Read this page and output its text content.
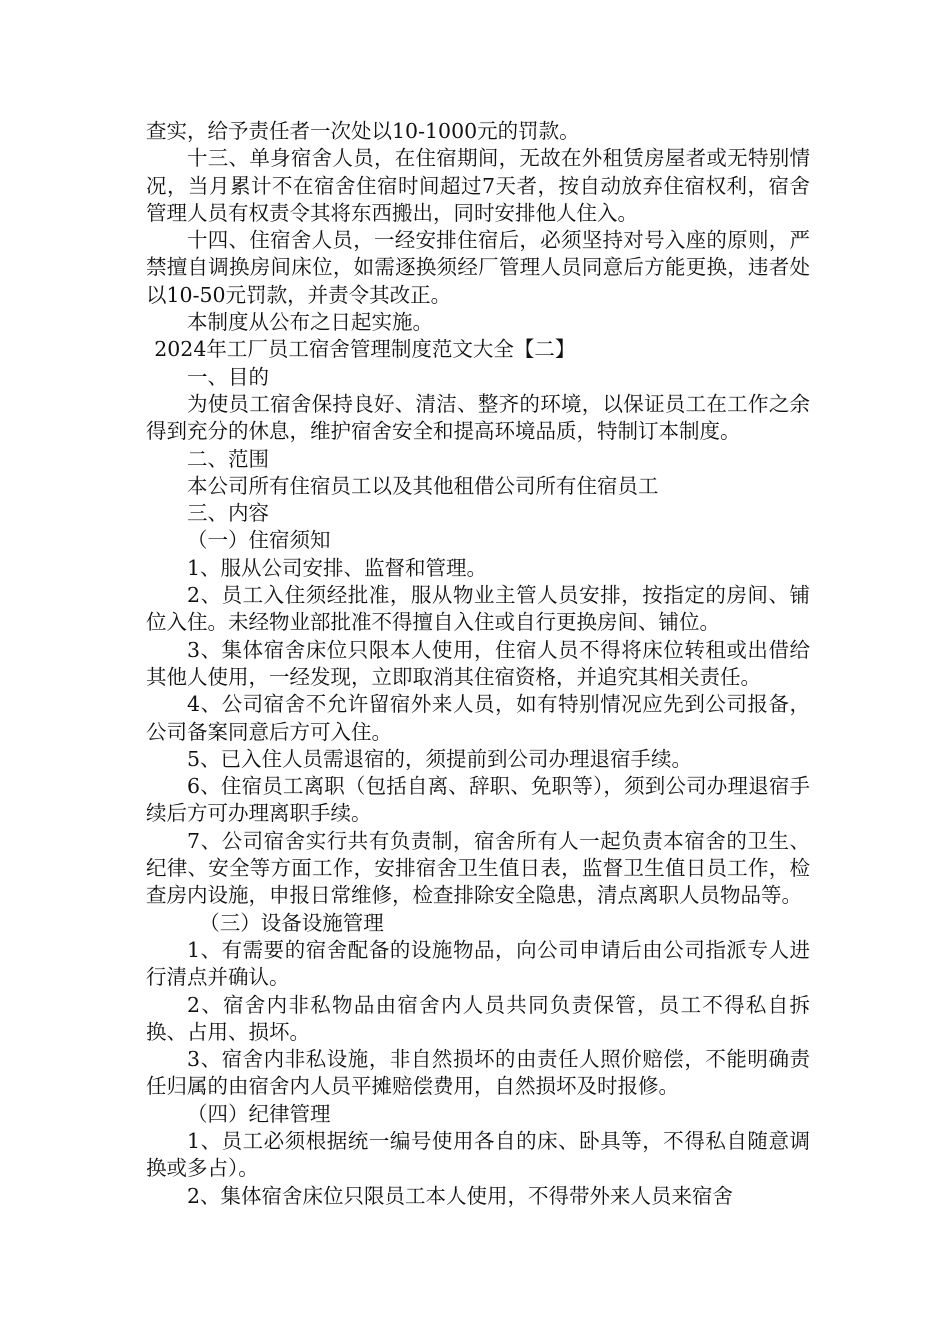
查实，给予责任者一次处以10-1000元的罚款。

十三、单身宿舍人员，在住宿期间，无故在外租赁房屋者或无特别情况，当月累计不在宿舍住宿时间超过7天者，按自动放弃住宿权利，宿舍管理人员有权责令其将东西搬出，同时安排他人住入。

十四、住宿舍人员，一经安排住宿后，必须坚持对号入座的原则，严禁擅自调换房间床位，如需逐换须经厂管理人员同意后方能更换，违者处以10-50元罚款，并责令其改正。

本制度从公布之日起实施。

2024年工厂员工宿舍管理制度范文大全【二】

一、目的

为使员工宿舍保持良好、清洁、整齐的环境，以保证员工在工作之余得到充分的休息，维护宿舍安全和提高环境品质，特制订本制度。

二、范围

本公司所有住宿员工以及其他租借公司所有住宿员工

三、内容

（一）住宿须知

1、服从公司安排、监督和管理。

2、员工入住须经批准，服从物业主管人员安排，按指定的房间、铺位入住。未经物业部批准不得擅自入住或自行更换房间、铺位。

3、集体宿舍床位只限本人使用，住宿人员不得将床位转租或出借给其他人使用，一经发现，立即取消其住宿资格，并追究其相关责任。

4、公司宿舍不允许留宿外来人员，如有特别情况应先到公司报备，公司备案同意后方可入住。

5、已入住人员需退宿的，须提前到公司办理退宿手续。

6、住宿员工离职（包括自离、辞职、免职等），须到公司办理退宿手续后方可办理离职手续。

7、公司宿舍实行共有负责制，宿舍所有人一起负责本宿舍的卫生、纪律、安全等方面工作，安排宿舍卫生值日表，监督卫生值日员工作，检查房内设施，申报日常维修，检查排除安全隐患，清点离职人员物品等。

（三）设备设施管理

1、有需要的宿舍配备的设施物品，向公司申请后由公司指派专人进行清点并确认。

2、宿舍内非私物品由宿舍内人员共同负责保管，员工不得私自拆换、占用、损坏。

3、宿舍内非私设施，非自然损坏的由责任人照价赔偿，不能明确责任归属的由宿舍内人员平摊赔偿费用，自然损坏及时报修。

（四）纪律管理

1、员工必须根据统一编号使用各自的床、卧具等，不得私自随意调换或多占）。

2、集体宿舍床位只限员工本人使用，不得带外来人员来宿舍
